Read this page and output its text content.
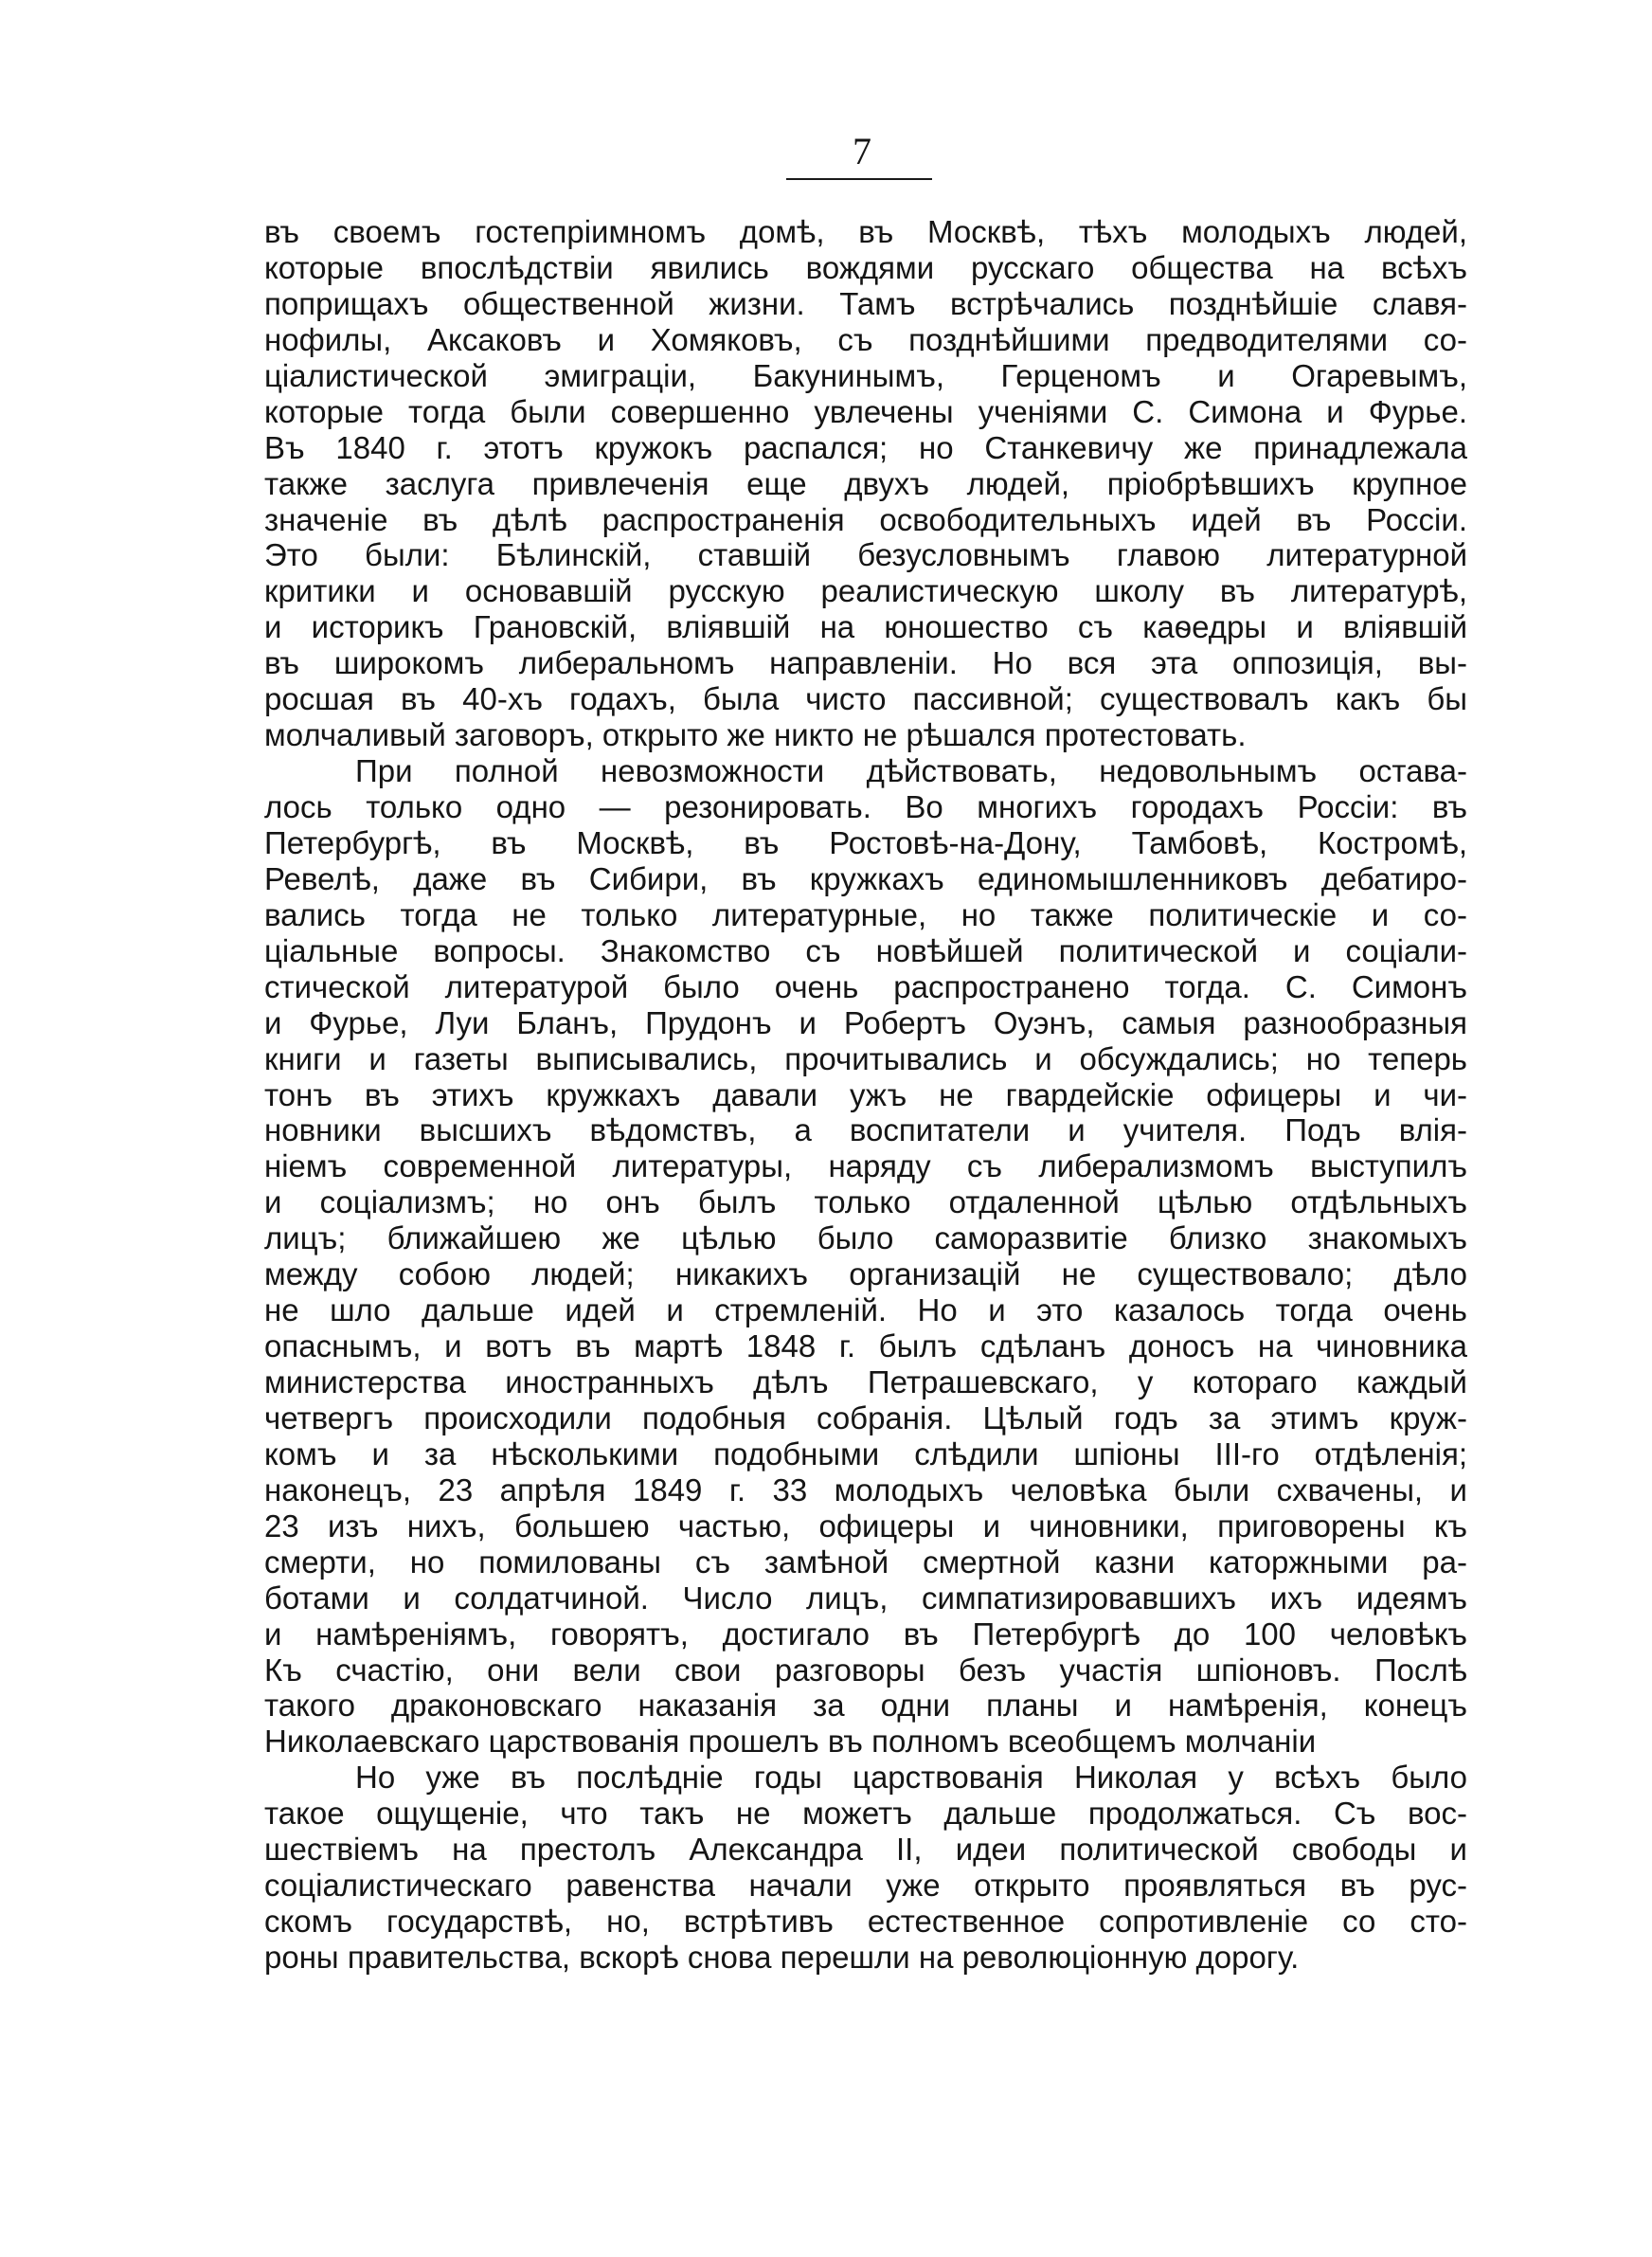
7
въ своемъ гостепріимномъ домѣ, въ Москвѣ, тѣхъ молодыхъ людей,
которые впослѣдствіи явились вождями русскаго общества на всѣхъ
поприщахъ общественной жизни. Тамъ встрѣчались позднѣйшіе славя-
нофилы, Аксаковъ и Хомяковъ, съ позднѣйшими предводителями со-
ціалистической эмиграціи, Бакунинымъ, Герценомъ и Огаревымъ,
которые тогда были совершенно увлечены ученіями С. Симона и Фурье.
Въ 1840 г. этотъ кружокъ распался; но Станкевичу же принадлежала
также заслуга привлеченія еще двухъ людей, пріобрѣвшихъ крупное
значеніе въ дѣлѣ распространенія освободительныхъ идей въ Россіи.
Это были: Бѣлинскій, ставшій безусловнымъ главою литературной
критики и основавшій русскую реалистическую школу въ литературѣ,
и историкъ Грановскій, вліявшій на юношество съ каѳедры и вліявшій
въ широкомъ либеральномъ направленіи. Но вся эта оппозиція, вы-
росшая въ 40-хъ годахъ, была чисто пассивной; существовалъ какъ бы
молчаливый заговоръ, открыто же никто не рѣшался протестовать.
При полной невозможности дѣйствовать, недовольнымъ остава-
лось только одно — резонировать. Во многихъ городахъ Россіи: въ
Петербургѣ, въ Москвѣ, въ Ростовѣ-на-Дону, Тамбовѣ, Костромѣ,
Ревелѣ, даже въ Сибири, въ кружкахъ единомышленниковъ дебатиро-
вались тогда не только литературные, но также политическіе и со-
ціальные вопросы. Знакомство съ новѣйшей политической и соціали-
стической литературой было очень распространено тогда. С. Симонъ
и Фурье, Луи Бланъ, Прудонъ и Робертъ Оуэнъ, самыя разнообразныя
книги и газеты выписывались, прочитывались и обсуждались; но теперь
тонъ въ этихъ кружкахъ давали ужъ не гвардейскіе офицеры и чи-
новники высшихъ вѣдомствъ, а воспитатели и учителя. Подъ влія-
ніемъ современной литературы, наряду съ либерализмомъ выступилъ
и соціализмъ; но онъ былъ только отдаленной цѣлью отдѣльныхъ
лицъ; ближайшею же цѣлью было саморазвитіе близко знакомыхъ
между собою людей; никакихъ организацій не существовало; дѣло
не шло дальше идей и стремленій. Но и это казалось тогда очень
опаснымъ, и вотъ въ мартѣ 1848 г. былъ сдѣланъ доносъ на чиновника
министерства иностранныхъ дѣлъ Петрашевскаго, у котораго каждый
четвергъ происходили подобныя собранія. Цѣлый годъ за этимъ круж-
комъ и за нѣсколькими подобными слѣдили шпіоны III-го отдѣленія;
наконецъ, 23 апрѣля 1849 г. 33 молодыхъ человѣка были схвачены, и
23 изъ нихъ, большею частью, офицеры и чиновники, приговорены къ
смерти, но помилованы съ замѣной смертной казни каторжными ра-
ботами и солдатчиной. Число лицъ, симпатизировавшихъ ихъ идеямъ
и намѣреніямъ, говорятъ, достигало въ Петербургѣ до 100 человѣкъ
Къ счастію, они вели свои разговоры безъ участія шпіоновъ. Послѣ
такого драконовскаго наказанія за одни планы и намѣренія, конецъ
Николаевскаго царствованія прошелъ въ полномъ всеобщемъ молчаніи
Но уже въ послѣдніе годы царствованія Николая у всѣхъ было
такое ощущеніе, что такъ не можетъ дальше продолжаться. Съ вос-
шествіемъ на престолъ Александра II, идеи политической свободы и
соціалистическаго равенства начали уже открыто проявляться въ рус-
скомъ государствѣ, но, встрѣтивъ естественное сопротивленіе со сто-
роны правительства, вскорѣ снова перешли на революціонную дорогу.
